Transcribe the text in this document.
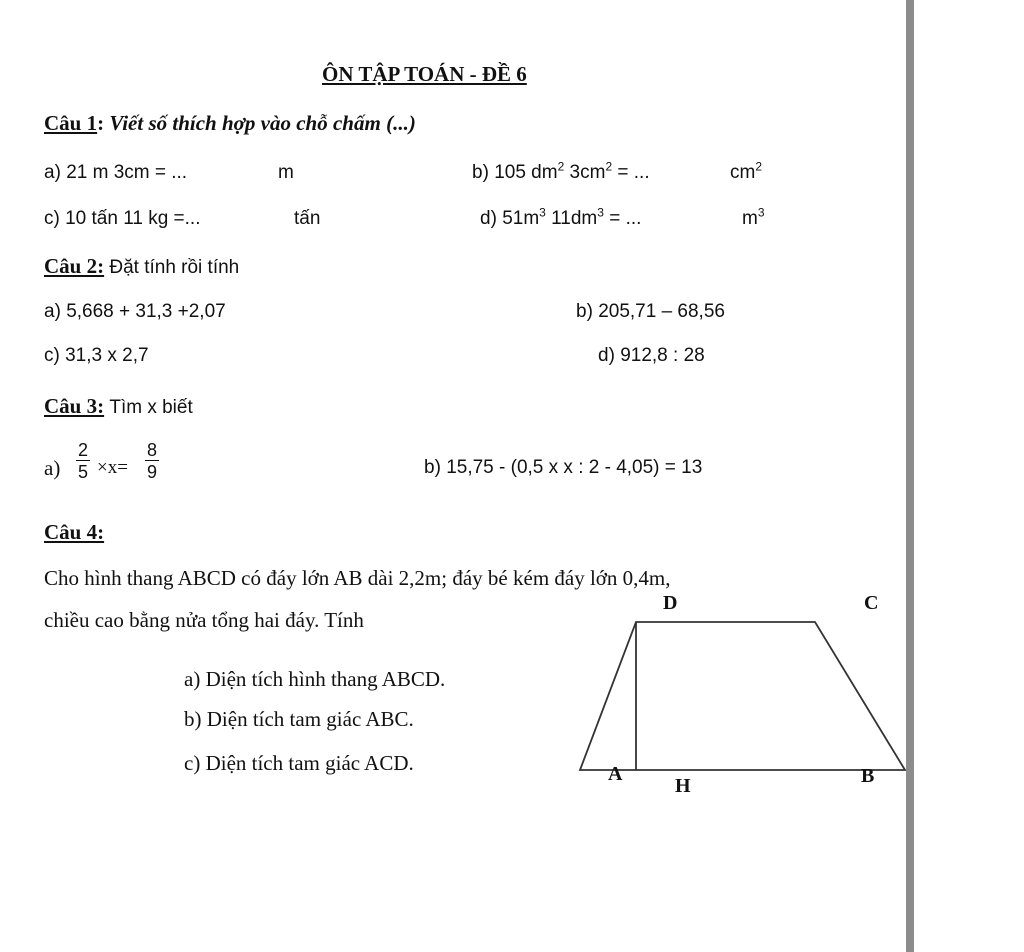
ÔN TẬP TOÁN - ĐỀ 6
Câu 1: Viết số thích hợp vào chỗ chấm (...)
a) 21 m 3cm = ...	m	b) 105 $dm^2$ $3cm^2$ = ...	$cm^2$
c) 10 tấn 11 kg =...	tấn	d) $51m^3$ $11dm^3$ = ...	$m^3$
Câu 2: Đặt tính rồi tính
a) 5,668 + 31,3 +2,07	b) 205,71 – 68,56
c) 31,3 x 2,7	d) 912,8 : 28
Câu 3: Tìm x biết
$a) \frac{2}{5} \times x= \frac{8}{9}$	b) 15,75 - (0,5 x x : 2 - 4,05) = 13
Câu 4:
Cho hình thang ABCD có đáy lớn AB dài 2,2m; đáy bé kém đáy lớn 0,4m,
chiều cao bằng nửa tổng hai đáy. Tính
a) Diện tích hình thang ABCD.
b) Diện tích tam giác ABC.
c) Diện tích tam giác ACD.
D	C
A
H	B
